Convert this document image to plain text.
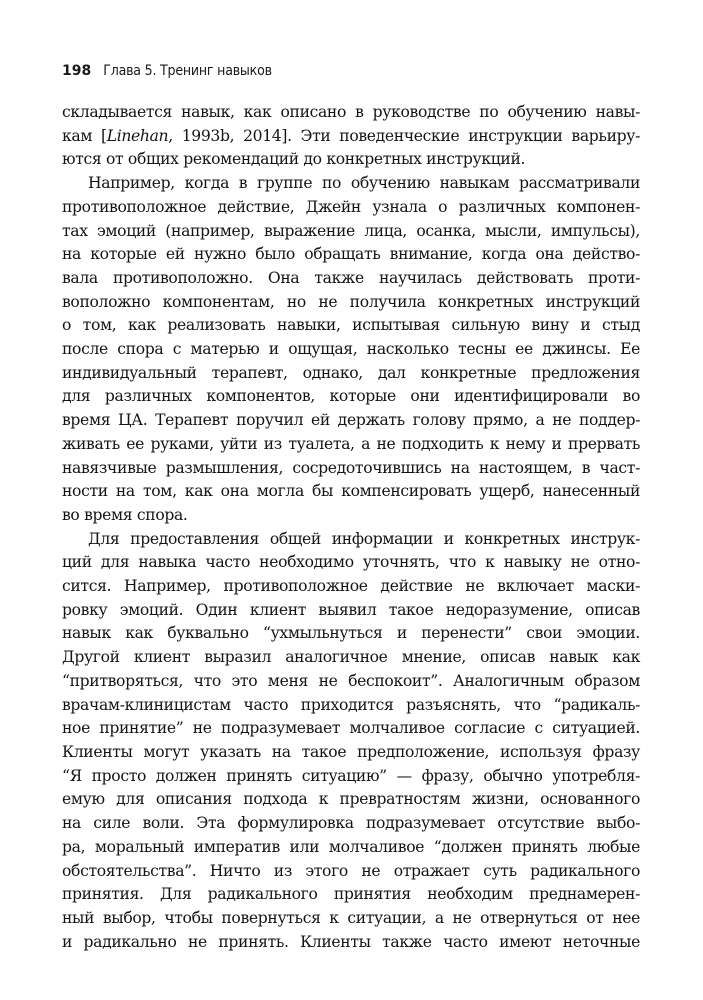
198 Глава 5. Тренинг навыков
складывается навык, как описано в руководстве по обучению навы-
кам [Linehan, 1993b, 2014]. Эти поведенческие инструкции варьиру-
ются от общих рекомендаций до конкретных инструкций.
Например, когда в группе по обучению навыкам рассматривали
противоположное действие, Джейн узнала о различных компонен-
тах эмоций (например, выражение лица, осанка, мысли, импульсы),
на которые ей нужно было обращать внимание, когда она действо-
вала противоположно. Она также научилась действовать проти-
воположно компонентам, но не получила конкретных инструкций
о том, как реализовать навыки, испытывая сильную вину и стыд
после спора с матерью и ощущая, насколько тесны ее джинсы. Ее
индивидуальный терапевт, однако, дал конкретные предложения
для различных компонентов, которые они идентифицировали во
время ЦА. Терапевт поручил ей держать голову прямо, а не поддер-
живать ее руками, уйти из туалета, а не подходить к нему и прервать
навязчивые размышления, сосредоточившись на настоящем, в част-
ности на том, как она могла бы компенсировать ущерб, нанесенный
во время спора.
Для предоставления общей информации и конкретных инструк-
ций для навыка часто необходимо уточнять, что к навыку не отно-
сится. Например, противоположное действие не включает маски-
ровку эмоций. Один клиент выявил такое недоразумение, описав
навык как буквально “ухмыльнуться и перенести” свои эмоции.
Другой клиент выразил аналогичное мнение, описав навык как
“притворяться, что это меня не беспокоит”. Аналогичным образом
врачам-клиницистам часто приходится разъяснять, что “радикаль-
ное принятие” не подразумевает молчаливое согласие с ситуацией.
Клиенты могут указать на такое предположение, используя фразу
“Я просто должен принять ситуацию” — фразу, обычно употребля-
емую для описания подхода к превратностям жизни, основанного
на силе воли. Эта формулировка подразумевает отсутствие выбо-
ра, моральный императив или молчаливое “должен принять любые
обстоятельства”. Ничто из этого не отражает суть радикального
принятия. Для радикального принятия необходим преднамерен-
ный выбор, чтобы повернуться к ситуации, а не отвернуться от нее
и радикально не принять. Клиенты также часто имеют неточные
